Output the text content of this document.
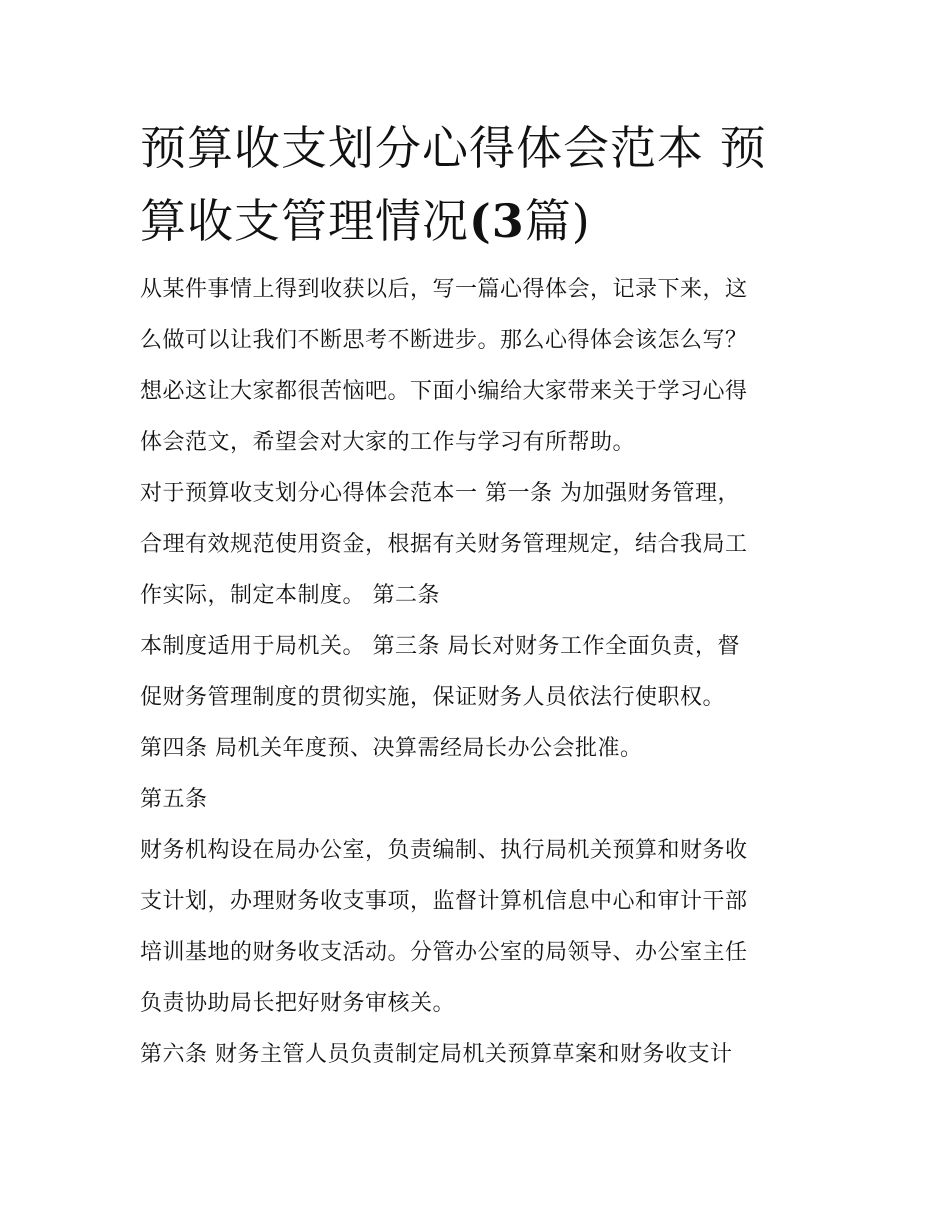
预算收支划分心得体会范本 预
算收支管理情况(3篇)

从某件事情上得到收获以后，写一篇心得体会，记录下来，这
么做可以让我们不断思考不断进步。那么心得体会该怎么写？
想必这让大家都很苦恼吧。下面小编给大家带来关于学习心得
体会范文，希望会对大家的工作与学习有所帮助。

对于预算收支划分心得体会范本一 第一条 为加强财务管理，
合理有效规范使用资金，根据有关财务管理规定，结合我局工
作实际，制定本制度。 第二条

本制度适用于局机关。 第三条 局长对财务工作全面负责，督
促财务管理制度的贯彻实施，保证财务人员依法行使职权。

第四条 局机关年度预、决算需经局长办公会批准。

第五条

财务机构设在局办公室，负责编制、执行局机关预算和财务收
支计划，办理财务收支事项，监督计算机信息中心和审计干部
培训基地的财务收支活动。分管办公室的局领导、办公室主任
负责协助局长把好财务审核关。

第六条 财务主管人员负责制定局机关预算草案和财务收支计
